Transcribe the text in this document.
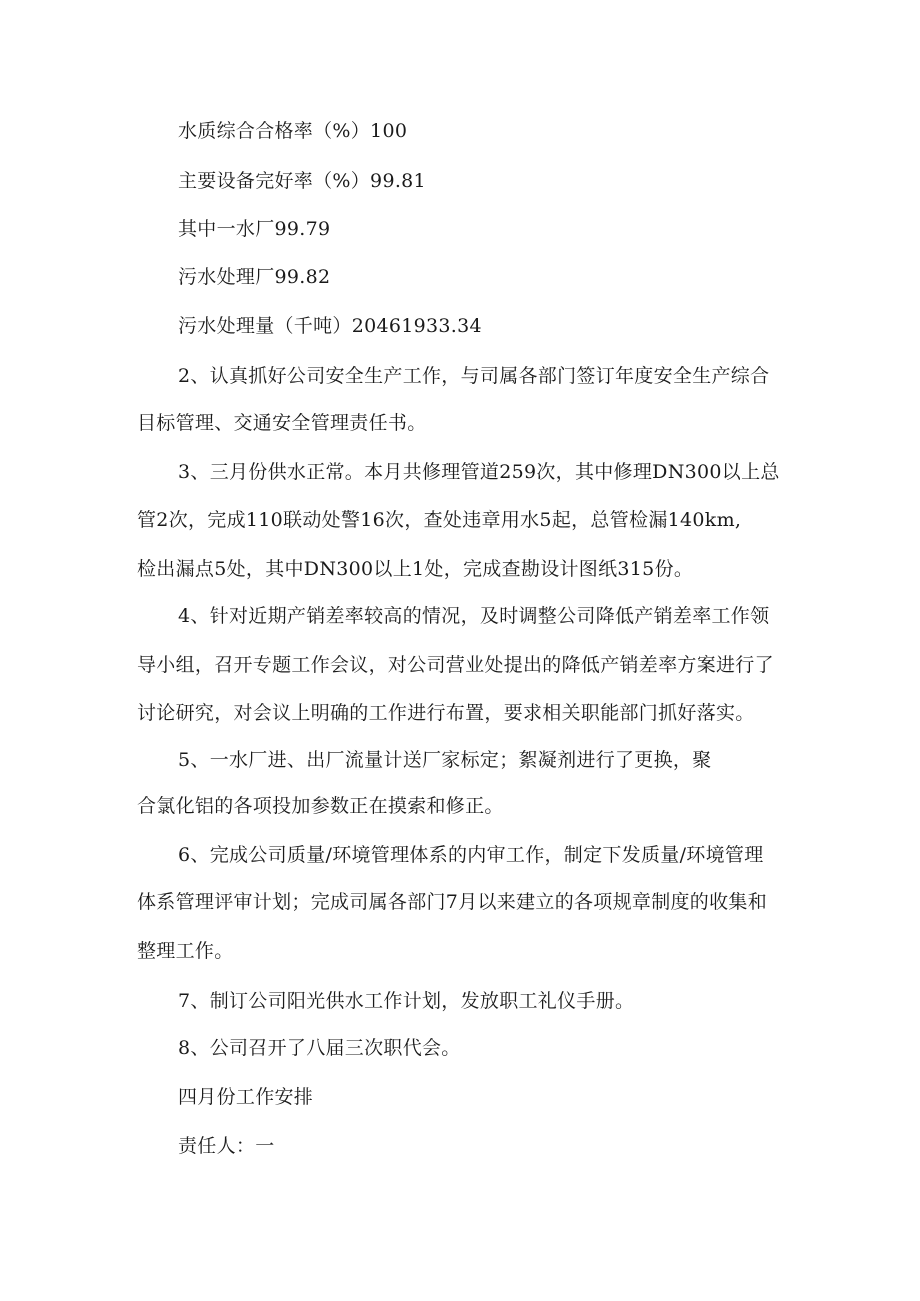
水质综合合格率（%）100
主要设备完好率（%）99.81
其中一水厂99.79
污水处理厂99.82
污水处理量（千吨）20461933.34
2、认真抓好公司安全生产工作，与司属各部门签订年度安全生产综合
目标管理、交通安全管理责任书。
3、三月份供水正常。本月共修理管道259次，其中修理DN300以上总
管2次，完成110联动处警16次，查处违章用水5起，总管检漏140km,
检出漏点5处，其中DN300以上1处，完成查勘设计图纸315份。
4、针对近期产销差率较高的情况，及时调整公司降低产销差率工作领
导小组，召开专题工作会议，对公司营业处提出的降低产销差率方案进行了
讨论研究，对会议上明确的工作进行布置，要求相关职能部门抓好落实。
5、一水厂进、出厂流量计送厂家标定；絮凝剂进行了更换，聚
合氯化铝的各项投加参数正在摸索和修正。
6、完成公司质量/环境管理体系的内审工作，制定下发质量/环境管理
体系管理评审计划；完成司属各部门7月以来建立的各项规章制度的收集和
整理工作。
7、制订公司阳光供水工作计划，发放职工礼仪手册。
8、公司召开了八届三次职代会。
四月份工作安排
责任人：一
